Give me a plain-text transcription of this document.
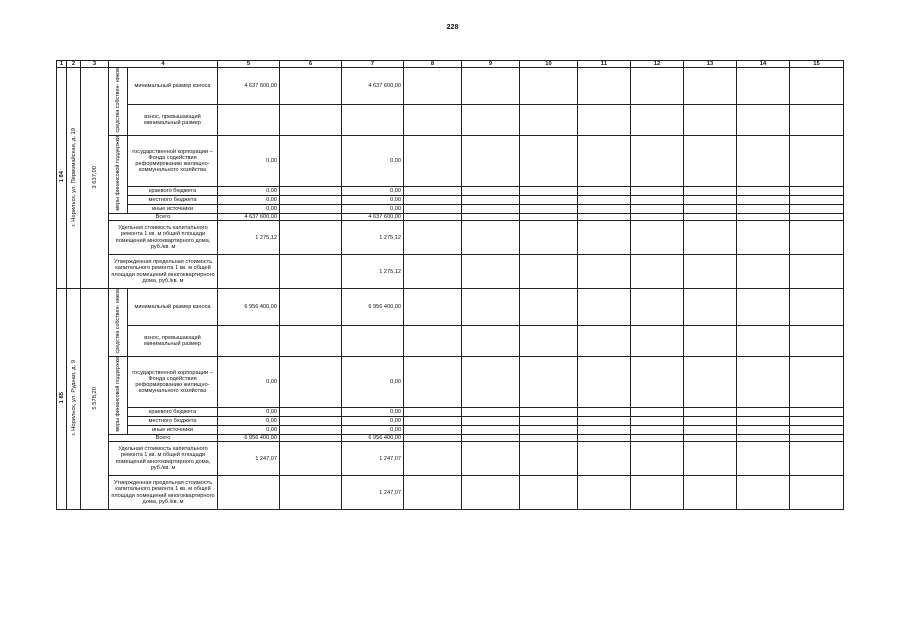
228
1	2	3	4		5	6	7	8	9	10	11	12	13	14	15
1 84	г. Норильск, ул. Первомайская, д. 19	3 637,00	средства собствен- ников	минимальный размер взноса	4 637 600,00		4 637 600,00								
				взнос, превышающий минимальный размер											
			меры финансовой поддержки	государственной корпорации – Фонда содействия реформированию жилищно-коммунального хозяйства	0,00		0,00								
				краевого бюджета	0,00		0,00								
				местного бюджета	0,00		0,00								
				иные источники	0,00		0,00								
			Всего		4 637 600,00		4 637 600,00								
			Удельная стоимость капитального ремонта 1 кв. м общей площади помещений многоквартирного дома, руб./кв. м		1 275,12		1 275,12								
			Утвержденная предельная стоимость капитального ремонта 1 кв. м общей площади помещений многоквартирного дома, руб./кв. м				1 275,12								
1 85	г. Норильск, ул. Рудная, д. 9	5 578,20	средства собствен- ников	минимальный размер взноса	6 956 400,00		6 956 400,00								
				взнос, превышающий минимальный размер											
			меры финансовой поддержки	государственной корпорации – Фонда содействия реформированию жилищно-коммунального хозяйства	0,00		0,00								
				краевого бюджета	0,00		0,00								
				местного бюджета	0,00		0,00								
				иные источники	0,00		0,00								
			Всего		6 956 400,00		6 956 400,00								
			Удельная стоимость капитального ремонта 1 кв. м общей площади помещений многоквартирного дома, руб./кв. м		1 247,07		1 247,07								
			Утвержденная предельная стоимость капитального ремонта 1 кв. м общей площади помещений многоквартирного дома, руб./кв. м				1 247,07								
